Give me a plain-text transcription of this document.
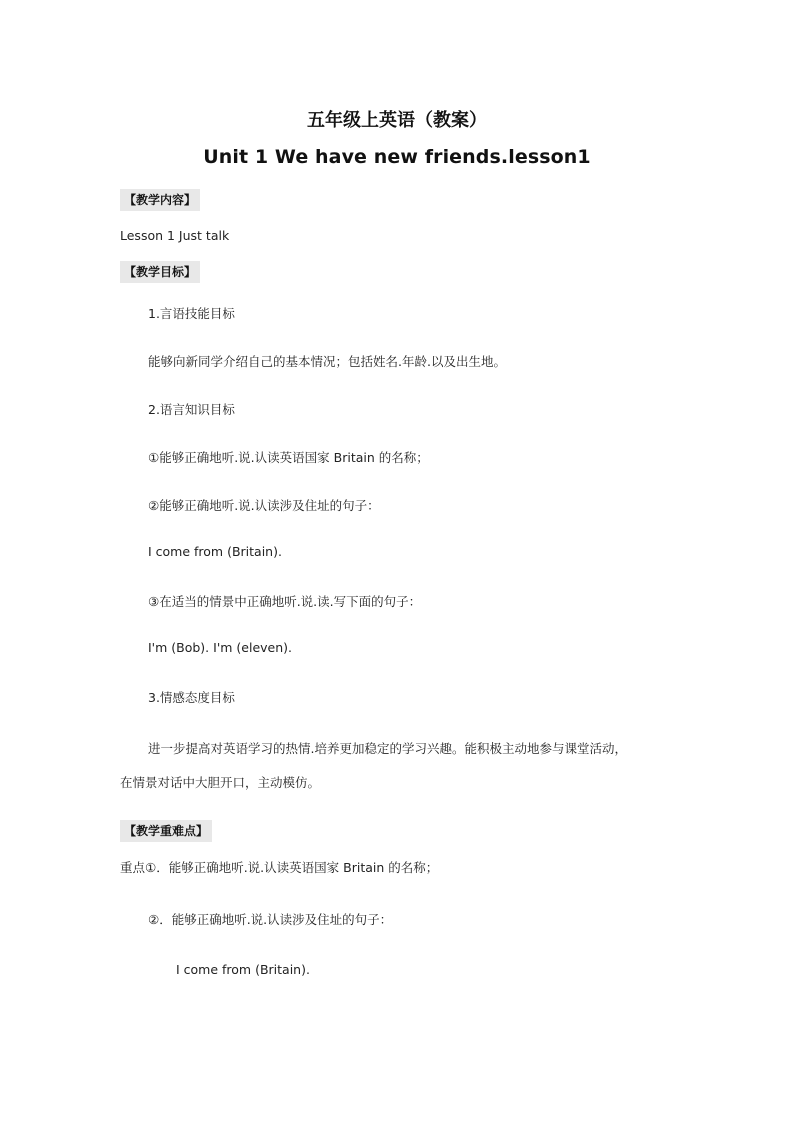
五年级上英语（教案）
Unit 1 We have new friends.lesson1
【教学内容】
Lesson 1 Just talk
【教学目标】
1.言语技能目标
能够向新同学介绍自己的基本情况；包括姓名.年龄.以及出生地。
2.语言知识目标
①能够正确地听.说.认读英语国家 Britain 的名称；
②能够正确地听.说.认读涉及住址的句子：
I come from (Britain).
③在适当的情景中正确地听.说.读.写下面的句子：
I'm (Bob). I'm (eleven).
3.情感态度目标
进一步提高对英语学习的热情.培养更加稳定的学习兴趣。能积极主动地参与课堂活动，
在情景对话中大胆开口，主动模仿。
【教学重难点】
重点①．能够正确地听.说.认读英语国家 Britain 的名称；
②．能够正确地听.说.认读涉及住址的句子：
I come from (Britain).
